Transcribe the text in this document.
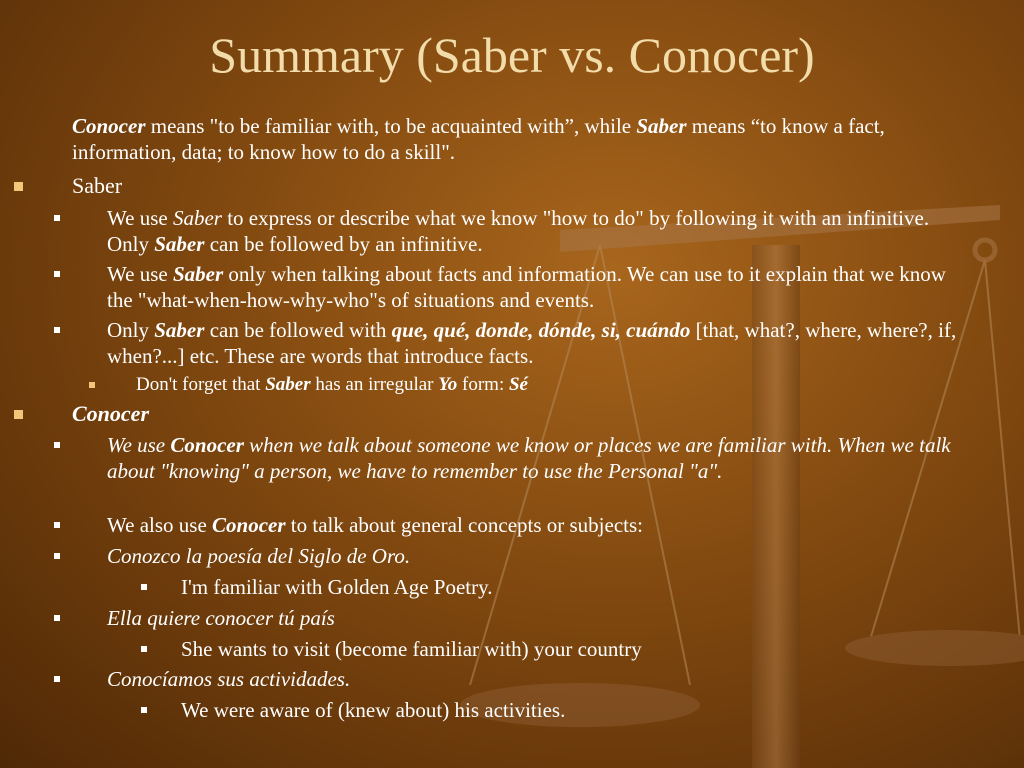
Summary (Saber vs. Conocer)
Conocer means "to be familiar with, to be acquainted with”, while Saber means “to know a fact, information, data; to know how to do a skill".
Saber
We use Saber to express or describe what we know "how to do" by following it with an infinitive. Only Saber can be followed by an infinitive.
We use Saber only when talking about facts and information. We can use to it explain that we know the "what-when-how-why-who"s of situations and events.
Only Saber can be followed with que, qué, donde, dónde, si, cuándo [that, what?, where, where?, if, when?...] etc. These are words that introduce facts.
Don't forget that Saber has an irregular Yo form: Sé
Conocer
We use Conocer when we talk about someone we know or places we are familiar with. When we talk about "knowing" a person, we have to remember to use the Personal "a".
We also use Conocer to talk about general concepts or subjects:
Conozco la poesía del Siglo de Oro.
I'm familiar with Golden Age Poetry.
Ella quiere conocer tú país
She wants to visit (become familiar with) your country
Conocíamos sus actividades.
We were aware of (knew about) his activities.
